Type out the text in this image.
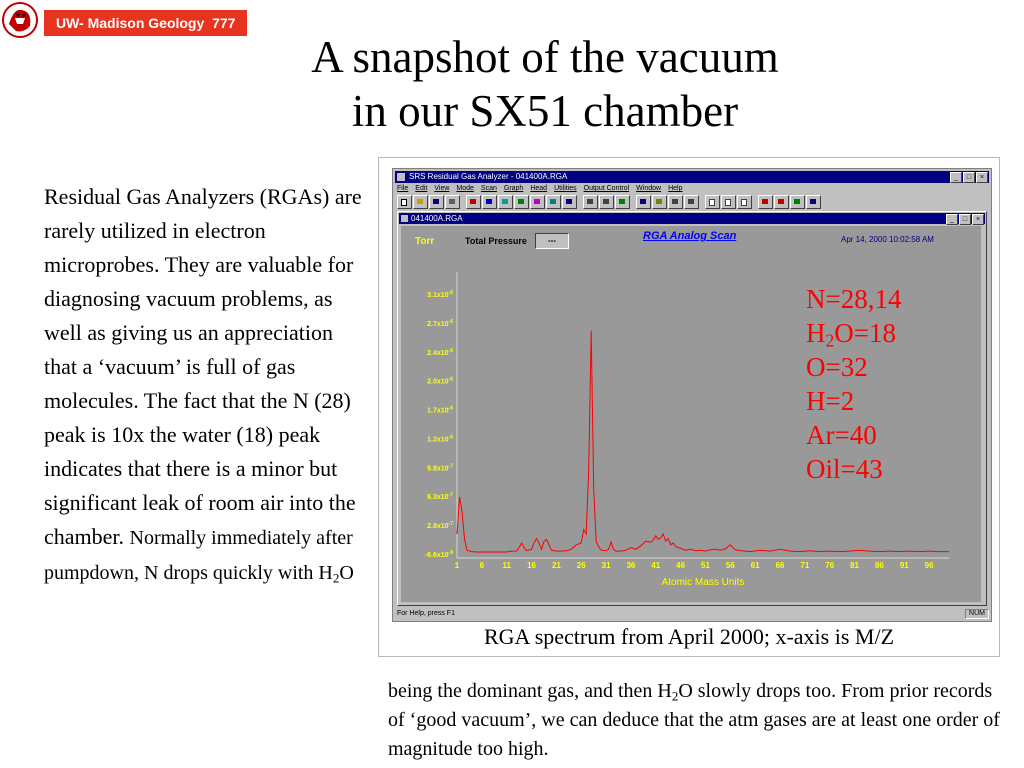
UW- Madison Geology  777
A snapshot of the vacuum
in our SX51 chamber
Residual Gas Analyzers (RGAs) are rarely utilized in electron microprobes. They are valuable for diagnosing vacuum problems, as well as giving us an appreciation that a ‘vacuum’ is full of gas molecules. The fact that the N (28) peak is 10x the water (18) peak indicates that there is a minor but significant leak of room air into the chamber. Normally immediately after pumpdown, N drops quickly with $H_2O$
SRS Residual Gas Analyzer - 041400A.RGA	_	□	×
File Edit View Mode Scan Graph Head Utilities Output Control Window Help
041400A.RGA	_	□	×
$3.1x10^{-6}$
$2.7x10^{-6}$
$2.4x10^{-6}$
$2.0x10^{-6}$
$1.7x10^{-6}$
$1.3x10^{-6}$
$9.8x10^{-7}$
$6.3x10^{-7}$
$2.8x10^{-7}$
$-6.6x10^{-8}$
1	6 11 16 21 26 31 36 41 46 51 56 61 66 71 76 81 86 91 96
Atomic Mass Units
Torr	Total Pressure	---	RGA Analog Scan	Apr 14, 2000 10:02:58 AM
For Help, press F1	NUM
RGA spectrum from April 2000; x-axis is M/Z
N=28,14
$H_2O=18$
O=32
H=2
Ar=40
Oil=43
being the dominant gas, and then $H_2O$ slowly drops too. From prior records of ‘good vacuum’, we can deduce that the atm gases are at least one order of magnitude too high.
